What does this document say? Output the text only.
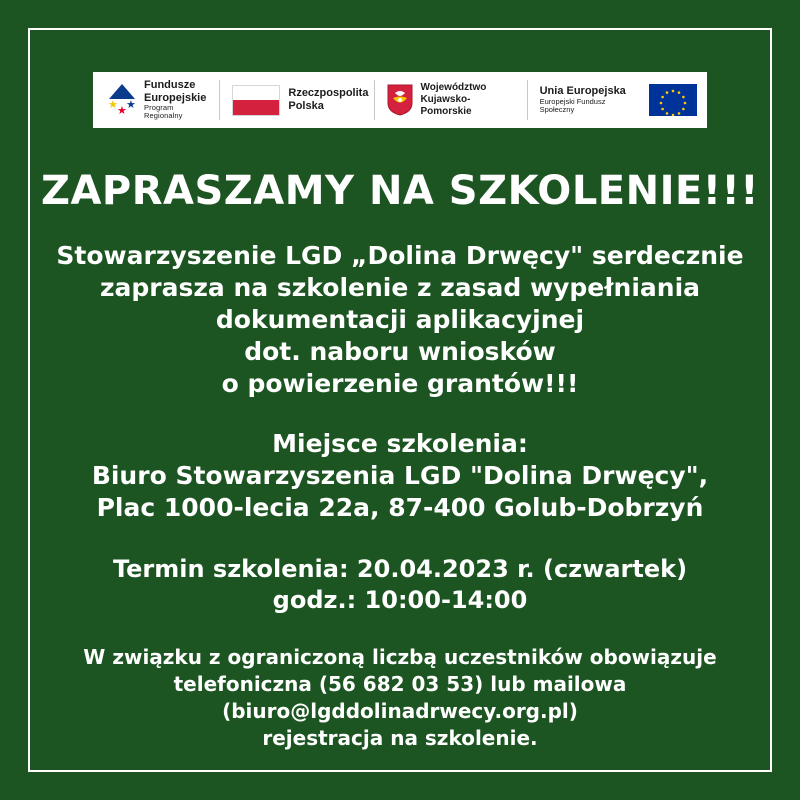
★ ★ ★
Fundusze
Europejskie
Program Regionalny
Rzeczpospolita
Polska
Województwo
Kujawsko-Pomorskie
Unia Europejska
Europejski Fundusz Społeczny
ZAPRASZAMY NA SZKOLENIE!!!
Stowarzyszenie LGD „Dolina Drwęcy" serdecznie
zaprasza na szkolenie z zasad wypełniania
dokumentacji aplikacyjnej
dot. naboru wniosków
o powierzenie grantów!!!
Miejsce szkolenia:
Biuro Stowarzyszenia LGD "Dolina Drwęcy",
Plac 1000-lecia 22a, 87-400 Golub-Dobrzyń
Termin szkolenia: 20.04.2023 r. (czwartek)
godz.: 10:00-14:00
W związku z ograniczoną liczbą uczestników obowiązuje
telefoniczna (56 682 03 53) lub mailowa
(biuro@lgddolinadrwecy.org.pl)
rejestracja na szkolenie.
